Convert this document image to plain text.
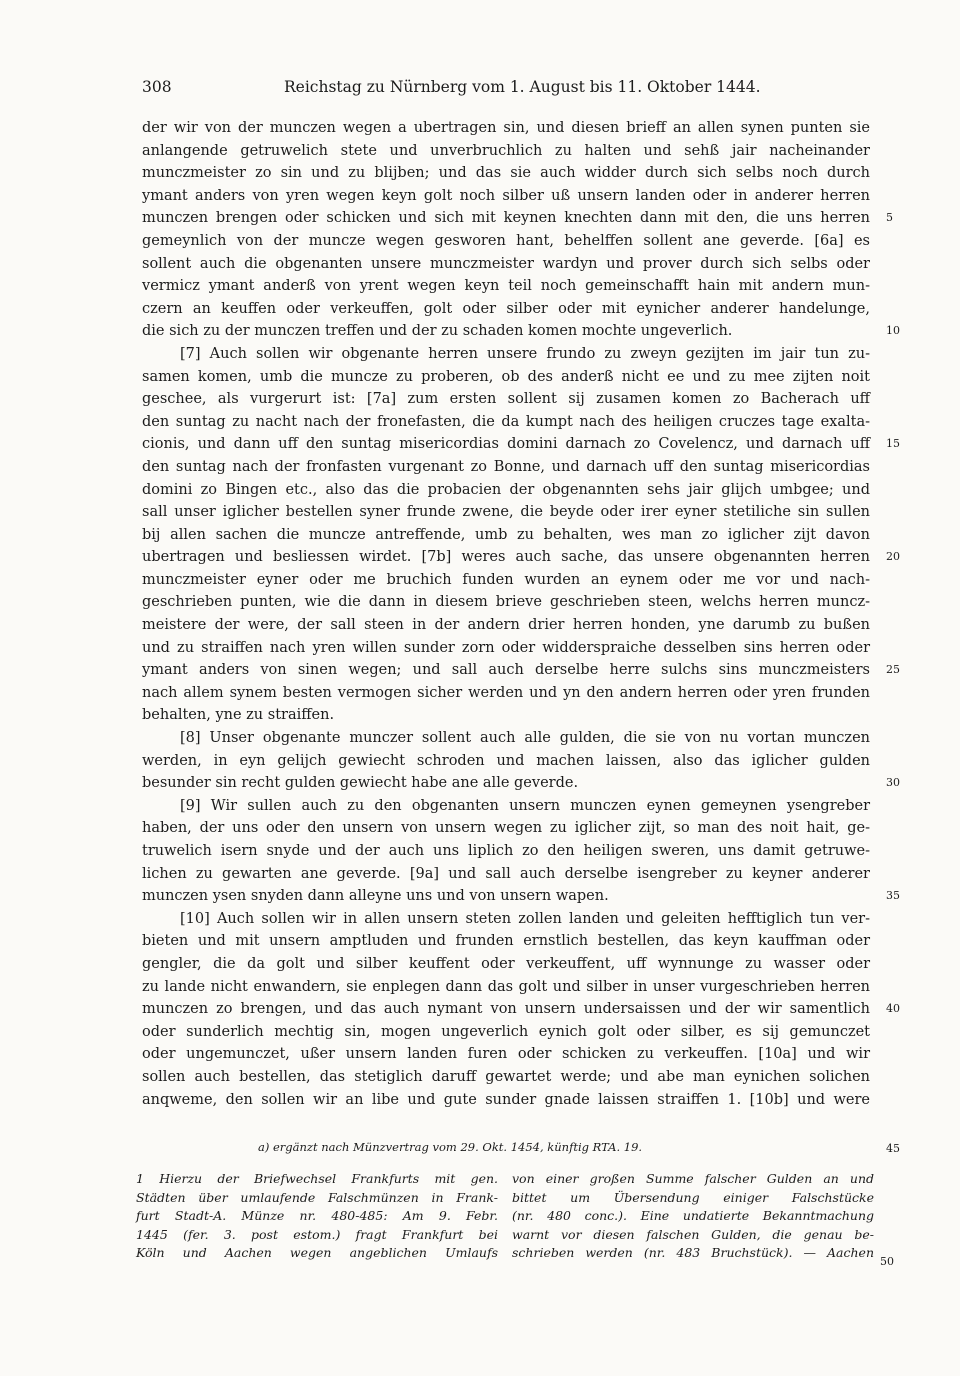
308	Reichstag zu Nürnberg vom 1. August bis 11. Oktober 1444.
der wir von der munczen wegen a ubertragen sin, und diesen brieff an allen synen punten sie
anlangende getruwelich stete und unverbruchlich zu halten und sehß jair nacheinander
munczmeister zo sin und zu blijben; und das sie auch widder durch sich selbs noch durch
ymant anders von yren wegen keyn golt noch silber uß unsern landen oder in anderer herren
munczen brengen oder schicken und sich mit keynen knechten dann mit den, die uns herren 5
gemeynlich von der muncze wegen gesworen hant, behelffen sollent ane geverde. [6a] es
sollent auch die obgenanten unsere munczmeister wardyn und prover durch sich selbs oder
vermicz ymant anderß von yrent wegen keyn teil noch gemeinschafft hain mit andern mun-
czern an keuffen oder verkeuffen, golt oder silber oder mit eynicher anderer handelunge,
die sich zu der munczen treffen und der zu schaden komen mochte ungeverlich.	10
[7] Auch sollen wir obgenante herren unsere frundo zu zweyn gezijten im jair tun zu-
samen komen, umb die muncze zu proberen, ob des anderß nicht ee und zu mee zijten noit
geschee, als vurgerurt ist: [7a] zum ersten sollent sij zusamen komen zo Bacherach uff
den suntag zu nacht nach der fronefasten, die da kumpt nach des heiligen cruczes tage exalta-
cionis, und dann uff den suntag misericordias domini darnach zo Covelencz, und darnach uff 15
den suntag nach der fronfasten vurgenant zo Bonne, und darnach uff den suntag misericordias
domini zo Bingen etc., also das die probacien der obgenannten sehs jair glijch umbgee; und
sall unser iglicher bestellen syner frunde zwene, die beyde oder irer eyner stetiliche sin sullen
bij allen sachen die muncze antreffende, umb zu behalten, wes man zo iglicher zijt davon
ubertragen und besliessen wirdet. [7b] weres auch sache, das unsere obgenannten herren 20
munczmeister eyner oder me bruchich funden wurden an eynem oder me vor und nach-
geschrieben punten, wie die dann in diesem brieve geschrieben steen, welchs herren muncz-
meistere der were, der sall steen in der andern drier herren honden, yne darumb zu bußen
und zu straiffen nach yren willen sunder zorn oder widderspraiche desselben sins herren oder
ymant anders von sinen wegen; und sall auch derselbe herre sulchs sins munczmeisters 25
nach allem synem besten vermogen sicher werden und yn den andern herren oder yren frunden
behalten, yne zu straiffen.
[8] Unser obgenante munczer sollent auch alle gulden, die sie von nu vortan munczen
werden, in eyn gelijch gewiecht schroden und machen laissen, also das iglicher gulden
besunder sin recht gulden gewiecht habe ane alle geverde.	30
[9] Wir sullen auch zu den obgenanten unsern munczen eynen gemeynen ysengreber
haben, der uns oder den unsern von unsern wegen zu iglicher zijt, so man des noit hait, ge-
truwelich isern snyde und der auch uns liplich zo den heiligen sweren, uns damit getruwe-
lichen zu gewarten ane geverde. [9a] und sall auch derselbe isengreber zu keyner anderer
munczen ysen snyden dann alleyne uns und von unsern wapen.	35
[10] Auch sollen wir in allen unsern steten zollen landen und geleiten hefftiglich tun ver-
bieten und mit unsern amptluden und frunden ernstlich bestellen, das keyn kauffman oder
gengler, die da golt und silber keuffent oder verkeuffent, uff wynnunge zu wasser oder
zu lande nicht enwandern, sie enplegen dann das golt und silber in unser vurgeschrieben herren
munczen zo brengen, und das auch nymant von unsern undersaissen und der wir samentlich 40
oder sunderlich mechtig sin, mogen ungeverlich eynich golt oder silber, es sij gemunczet
oder ungemunczet, ußer unsern landen furen oder schicken zu verkeuffen. [10a] und wir
sollen auch bestellen, das stetiglich daruff gewartet werde; und abe man eynichen solichen
anqweme, den sollen wir an libe und gute sunder gnade laissen straiffen 1. [10b] und were
a) ergänzt nach Münzvertrag vom 29. Okt. 1454, künftig RTA. 19.	45
1 Hierzu der Briefwechsel Frankfurts mit gen.
Städten über umlaufende Falschmünzen in Frank-
furt Stadt-A. Münze nr. 480-485: Am 9. Febr.
1445 (fer. 3. post estom.) fragt Frankfurt bei
Köln und Aachen wegen angeblichen Umlaufs
von einer großen Summe falscher Gulden an und
bittet um Übersendung einiger Falschstücke
(nr. 480 conc.). Eine undatierte Bekanntmachung
warnt vor diesen falschen Gulden, die genau be-
schrieben werden (nr. 483 Bruchstück). — Aachen
50
